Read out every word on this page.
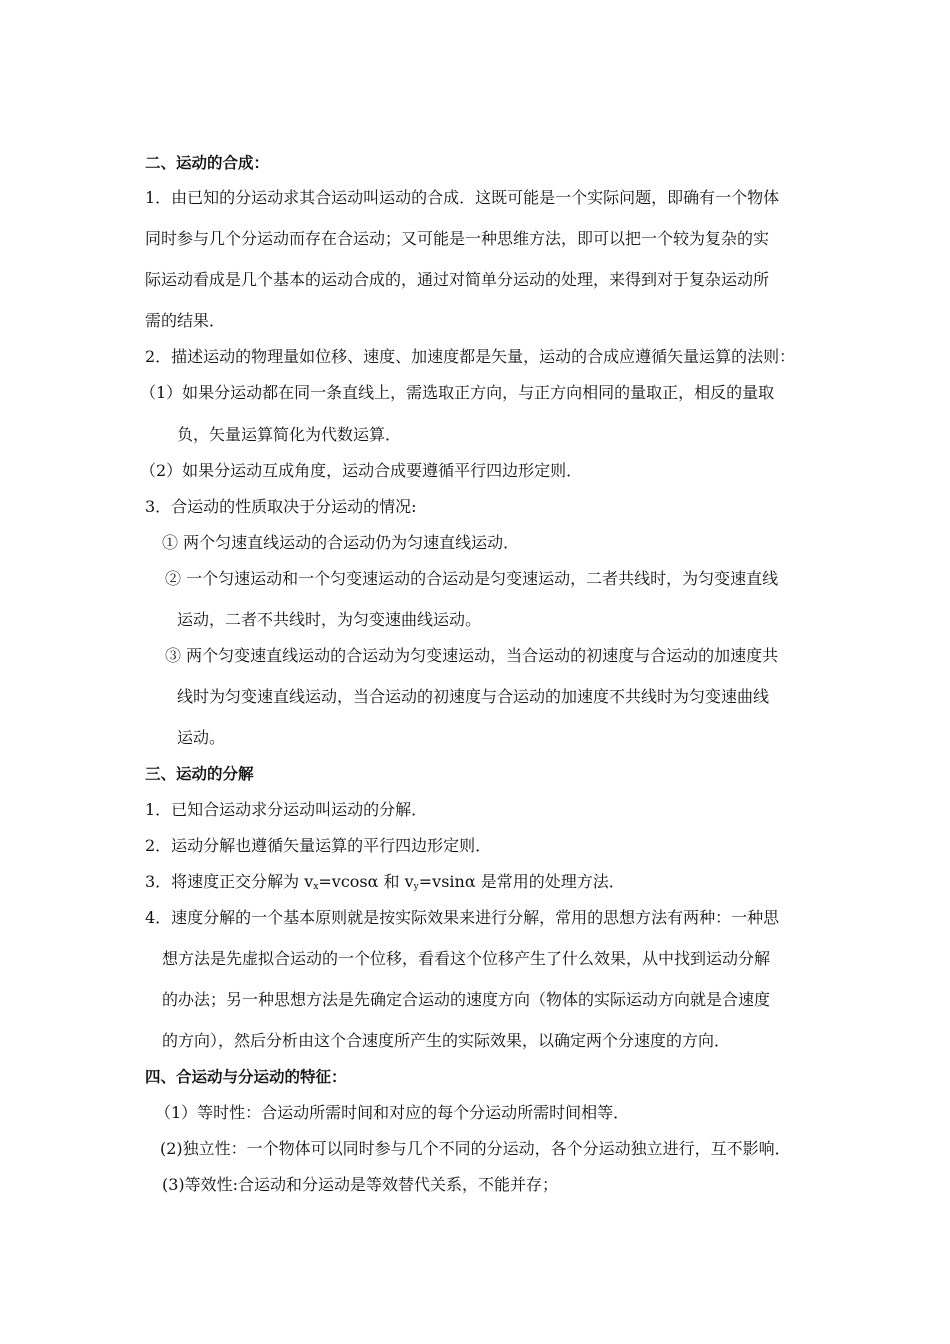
二、运动的合成：
1．由已知的分运动求其合运动叫运动的合成．这既可能是一个实际问题，即确有一个物体
同时参与几个分运动而存在合运动；又可能是一种思维方法，即可以把一个较为复杂的实
际运动看成是几个基本的运动合成的，通过对简单分运动的处理，来得到对于复杂运动所
需的结果．
2．描述运动的物理量如位移、速度、加速度都是矢量，运动的合成应遵循矢量运算的法则：
（1）如果分运动都在同一条直线上，需选取正方向，与正方向相同的量取正，相反的量取
负，矢量运算简化为代数运算．
（2）如果分运动互成角度，运动合成要遵循平行四边形定则．
3．合运动的性质取决于分运动的情况:
① 两个匀速直线运动的合运动仍为匀速直线运动．
② 一个匀速运动和一个匀变速运动的合运动是匀变速运动，二者共线时，为匀变速直线
运动，二者不共线时，为匀变速曲线运动。
③ 两个匀变速直线运动的合运动为匀变速运动，当合运动的初速度与合运动的加速度共
线时为匀变速直线运动，当合运动的初速度与合运动的加速度不共线时为匀变速曲线
运动。
三、运动的分解
1．已知合运动求分运动叫运动的分解．
2．运动分解也遵循矢量运算的平行四边形定则．
3．将速度正交分解为 $v_x=vcos\alpha$ 和 $v_y=vsin\alpha$ 是常用的处理方法．
4．速度分解的一个基本原则就是按实际效果来进行分解，常用的思想方法有两种：一种思
想方法是先虚拟合运动的一个位移，看看这个位移产生了什么效果，从中找到运动分解
的办法；另一种思想方法是先确定合运动的速度方向（物体的实际运动方向就是合速度
的方向），然后分析由这个合速度所产生的实际效果，以确定两个分速度的方向．
四、合运动与分运动的特征：
（1）等时性：合运动所需时间和对应的每个分运动所需时间相等．
(2)独立性：一个物体可以同时参与几个不同的分运动，各个分运动独立进行，互不影响．
(3)等效性:合运动和分运动是等效替代关系，不能并存；
